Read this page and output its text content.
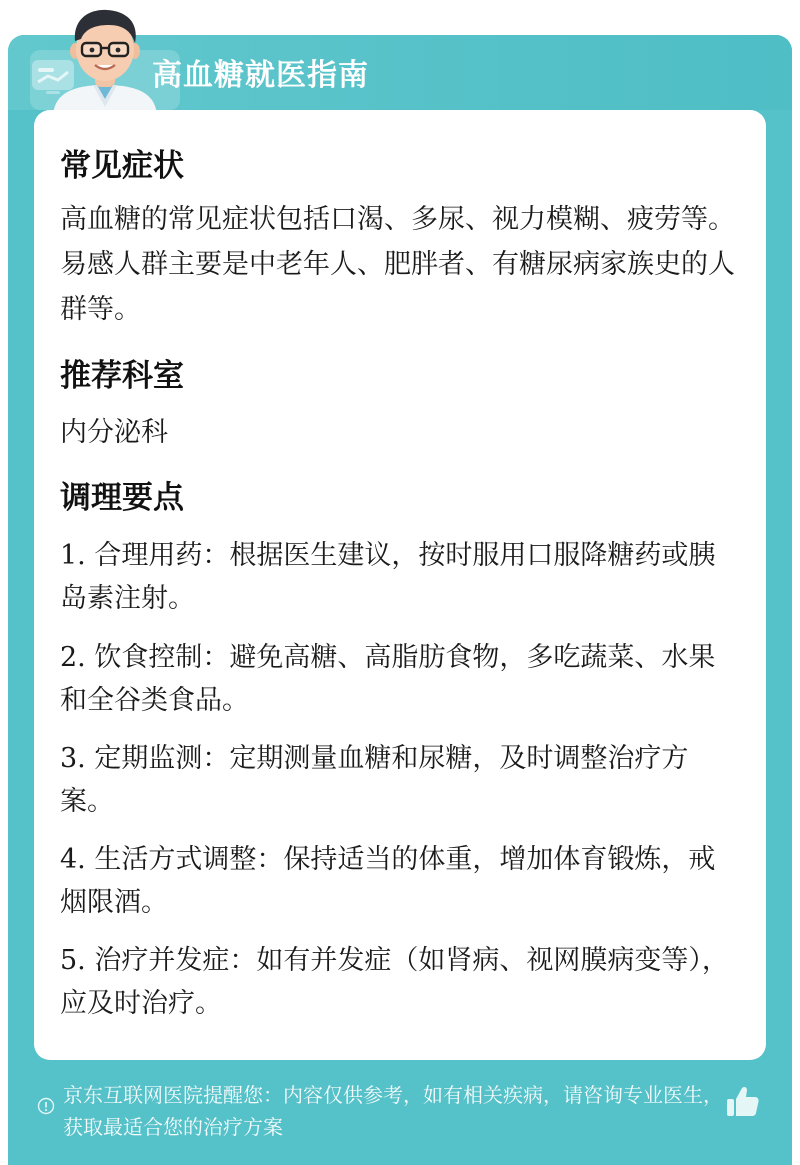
高血糖就医指南
常见症状
高血糖的常见症状包括口渴、多尿、视力模糊、疲劳等。易感人群主要是中老年人、肥胖者、有糖尿病家族史的人群等。
推荐科室
内分泌科
调理要点
1. 合理用药：根据医生建议，按时服用口服降糖药或胰岛素注射。
2. 饮食控制：避免高糖、高脂肪食物，多吃蔬菜、水果和全谷类食品。
3. 定期监测：定期测量血糖和尿糖，及时调整治疗方案。
4. 生活方式调整：保持适当的体重，增加体育锻炼，戒烟限酒。
5. 治疗并发症：如有并发症（如肾病、视网膜病变等），应及时治疗。
京东互联网医院提醒您：内容仅供参考，如有相关疾病，请咨询专业医生，获取最适合您的治疗方案
